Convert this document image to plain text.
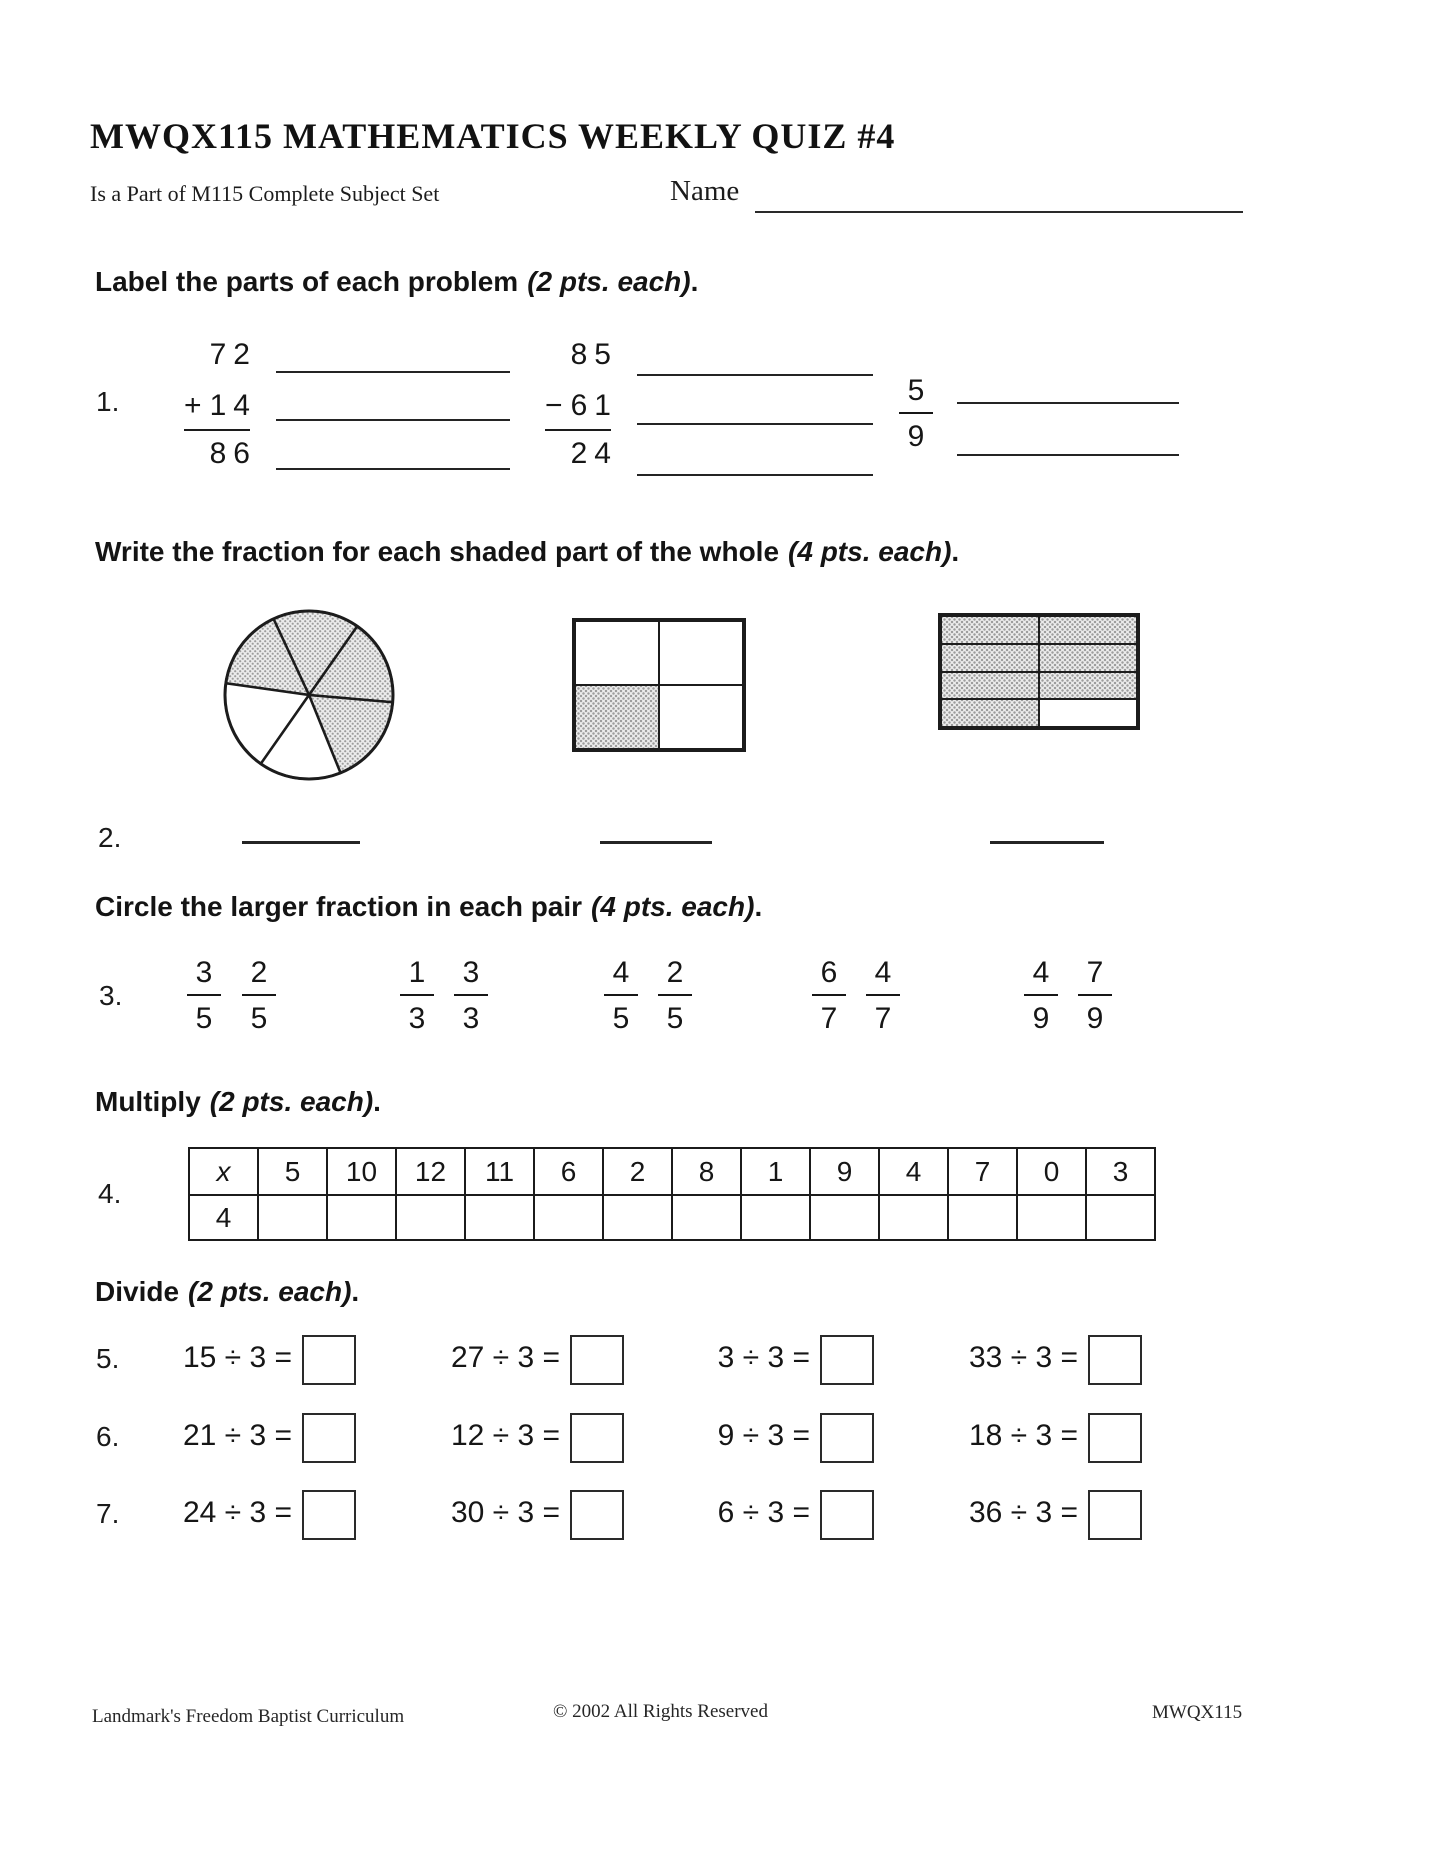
MWQX115 MATHEMATICS WEEKLY QUIZ #4
Is a Part of M115 Complete Subject Set	Name
Label the parts of each problem (2 pts. each).
1.
72
+ 14
86
85
− 61
24
5
9
Write the fraction for each shaded part of the whole (4 pts. each).
2.
Circle the larger fraction in each pair (4 pts. each).
3.
3
5
2
5
1
3
3
3
4
5
2
5
6
7
4
7
4
9
7
9
Multiply (2 pts. each).
4.
x	5	10	12	11	6	2	8	1	9	4	7	0	3
4													
Divide (2 pts. each).
5.	15 ÷ 3 =	27 ÷ 3 =	3 ÷ 3 =	33 ÷ 3 =
6.	21 ÷ 3 =	12 ÷ 3 =	9 ÷ 3 =	18 ÷ 3 =
7.	24 ÷ 3 =	30 ÷ 3 =	6 ÷ 3 =	36 ÷ 3 =
Landmark's Freedom Baptist Curriculum	© 2002 All Rights Reserved	MWQX115
